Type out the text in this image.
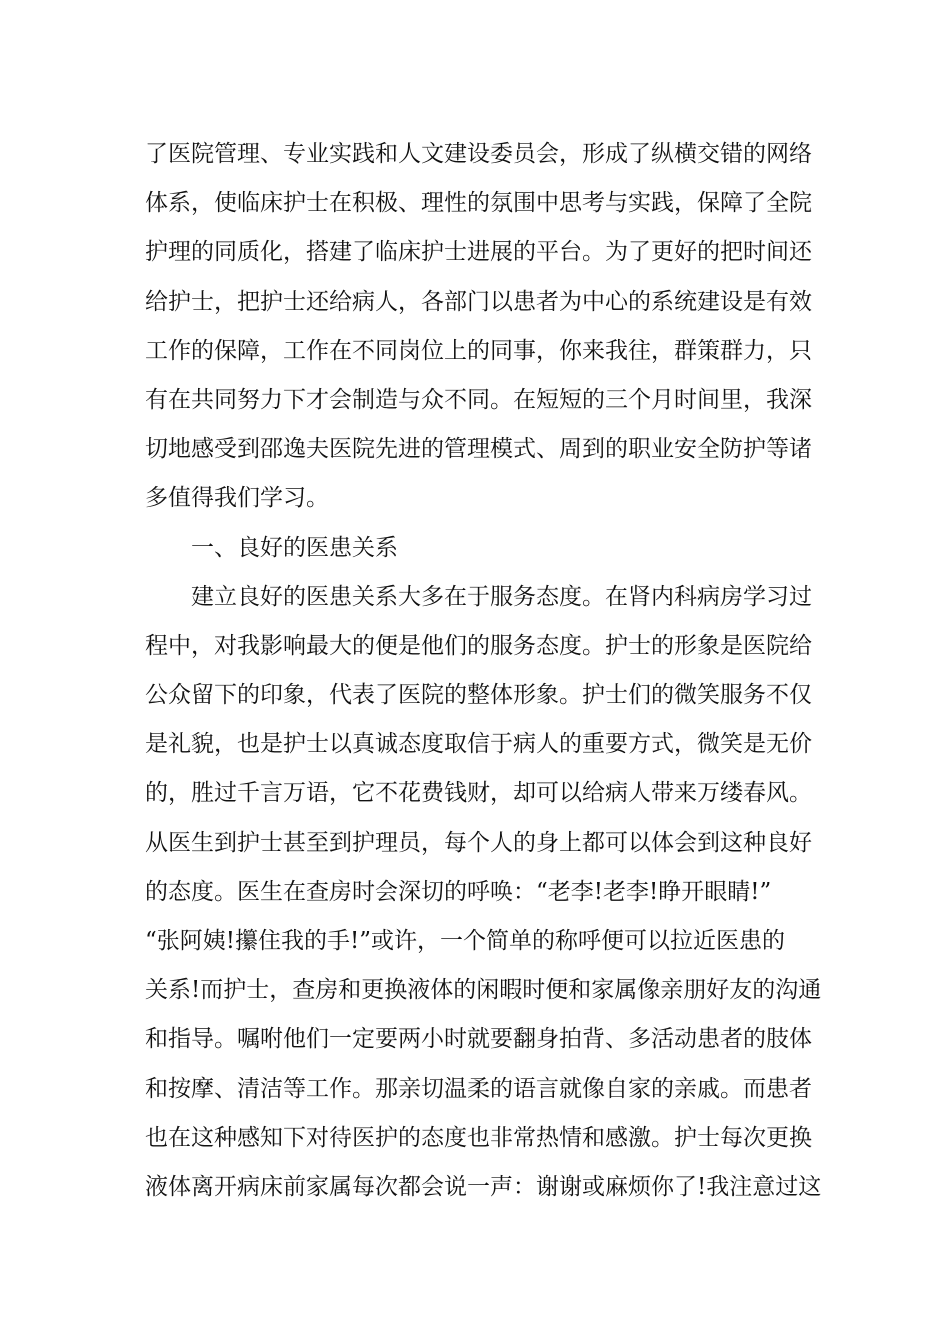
了医院管理、专业实践和人文建设委员会，形成了纵横交错的网络
体系，使临床护士在积极、理性的氛围中思考与实践，保障了全院
护理的同质化，搭建了临床护士进展的平台。为了更好的把时间还
给护士，把护士还给病人，各部门以患者为中心的系统建设是有效
工作的保障，工作在不同岗位上的同事，你来我往，群策群力，只
有在共同努力下才会制造与众不同。在短短的三个月时间里，我深
切地感受到邵逸夫医院先进的管理模式、周到的职业安全防护等诸
多值得我们学习。
一、良好的医患关系
建立良好的医患关系大多在于服务态度。在肾内科病房学习过
程中，对我影响最大的便是他们的服务态度。护士的形象是医院给
公众留下的印象，代表了医院的整体形象。护士们的微笑服务不仅
是礼貌，也是护士以真诚态度取信于病人的重要方式，微笑是无价
的，胜过千言万语，它不花费钱财，却可以给病人带来万缕春风。
从医生到护士甚至到护理员，每个人的身上都可以体会到这种良好
的态度。医生在查房时会深切的呼唤：“老李!老李!睁开眼睛!”
“张阿姨!攥住我的手!”或许，一个简单的称呼便可以拉近医患的
关系!而护士，查房和更换液体的闲暇时便和家属像亲朋好友的沟通
和指导。嘱咐他们一定要两小时就要翻身拍背、多活动患者的肢体
和按摩、清洁等工作。那亲切温柔的语言就像自家的亲戚。而患者
也在这种感知下对待医护的态度也非常热情和感激。护士每次更换
液体离开病床前家属每次都会说一声：谢谢或麻烦你了!我注意过这
